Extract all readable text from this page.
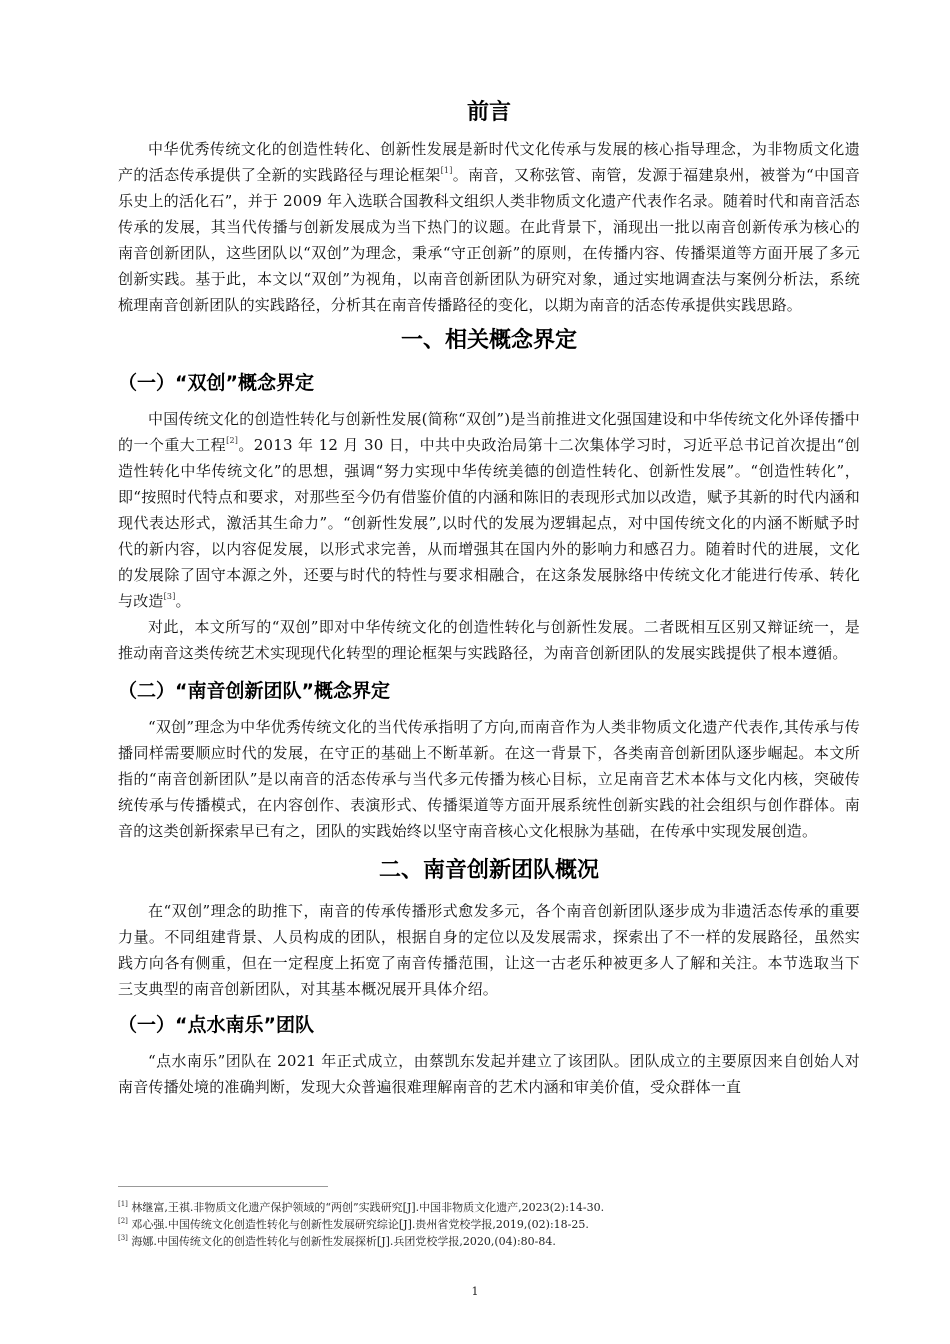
前言

中华优秀传统文化的创造性转化、创新性发展是新时代文化传承与发展的核心指导理念，为非物质文化遗产的活态传承提供了全新的实践路径与理论框架[1]。南音，又称弦管、南管，发源于福建泉州，被誉为“中国音乐史上的活化石”，并于 2009 年入选联合国教科文组织人类非物质文化遗产代表作名录。随着时代和南音活态传承的发展，其当代传播与创新发展成为当下热门的议题。在此背景下，涌现出一批以南音创新传承为核心的南音创新团队，这些团队以“双创”为理念，秉承“守正创新”的原则，在传播内容、传播渠道等方面开展了多元创新实践。基于此，本文以“双创”为视角，以南音创新团队为研究对象，通过实地调查法与案例分析法，系统梳理南音创新团队的实践路径，分析其在南音传播路径的变化，以期为南音的活态传承提供实践思路。

一、相关概念界定
（一）“双创”概念界定

中国传统文化的创造性转化与创新性发展(简称“双创”)是当前推进文化强国建设和中华传统文化外译传播中的一个重大工程[2]。2013 年 12 月 30 日，中共中央政治局第十二次集体学习时，习近平总书记首次提出“创造性转化中华传统文化”的思想，强调“努力实现中华传统美德的创造性转化、创新性发展”。“创造性转化”，即“按照时代特点和要求，对那些至今仍有借鉴价值的内涵和陈旧的表现形式加以改造，赋予其新的时代内涵和现代表达形式，激活其生命力”。“创新性发展”,以时代的发展为逻辑起点，对中国传统文化的内涵不断赋予时代的新内容，以内容促发展，以形式求完善，从而增强其在国内外的影响力和感召力。随着时代的进展，文化的发展除了固守本源之外，还要与时代的特性与要求相融合，在这条发展脉络中传统文化才能进行传承、转化与改造[3]。

对此，本文所写的“双创”即对中华传统文化的创造性转化与创新性发展。二者既相互区别又辩证统一，是推动南音这类传统艺术实现现代化转型的理论框架与实践路径，为南音创新团队的发展实践提供了根本遵循。

（二）“南音创新团队”概念界定

“双创”理念为中华优秀传统文化的当代传承指明了方向,而南音作为人类非物质文化遗产代表作,其传承与传播同样需要顺应时代的发展，在守正的基础上不断革新。在这一背景下，各类南音创新团队逐步崛起。本文所指的“南音创新团队”是以南音的活态传承与当代多元传播为核心目标，立足南音艺术本体与文化内核，突破传统传承与传播模式，在内容创作、表演形式、传播渠道等方面开展系统性创新实践的社会组织与创作群体。南音的这类创新探索早已有之，团队的实践始终以坚守南音核心文化根脉为基础，在传承中实现发展创造。

二、南音创新团队概况

在“双创”理念的助推下，南音的传承传播形式愈发多元，各个南音创新团队逐步成为非遗活态传承的重要力量。不同组建背景、人员构成的团队，根据自身的定位以及发展需求，探索出了不一样的发展路径，虽然实践方向各有侧重，但在一定程度上拓宽了南音传播范围，让这一古老乐种被更多人了解和关注。本节选取当下三支典型的南音创新团队，对其基本概况展开具体介绍。

（一）“点水南乐”团队

“点水南乐”团队在 2021 年正式成立，由蔡凯东发起并建立了该团队。团队成立的主要原因来自创始人对南音传播处境的准确判断，发现大众普遍很难理解南音的艺术内涵和审美价值，受众群体一直

[1] 林继富,王祺.非物质文化遗产保护领域的“两创”实践研究[J].中国非物质文化遗产,2023(2):14-30.
[2] 邓心强.中国传统文化创造性转化与创新性发展研究综论[J].贵州省党校学报,2019,(02):18-25.
[3] 海娜.中国传统文化的创造性转化与创新性发展探析[J].兵团党校学报,2020,(04):80-84.
1
